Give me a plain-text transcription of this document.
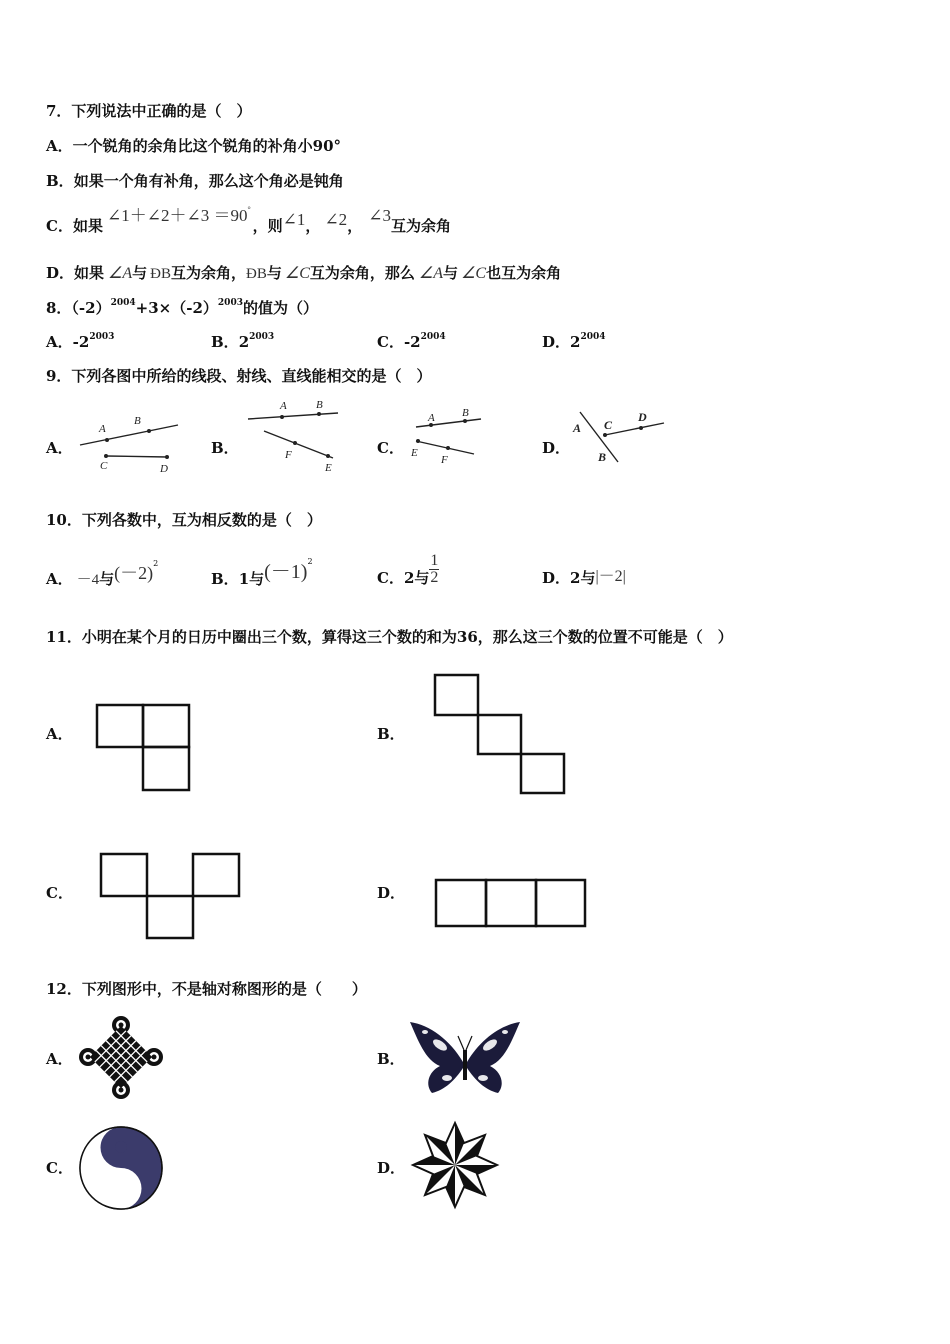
7．下列说法中正确的是（　）
A．一个锐角的余角比这个锐角的补角小90°
B．如果一个角有补角，那么这个角必是钝角
C．如果∠1＋∠2＋∠3 ＝90°，则∠1， ∠2，∠3互为余角
D．如果 ∠A与 ÐB互为余角，ÐB与 ∠C互为余角，那么 ∠A与 ∠C也互为余角
8．$(-2)^{2004}+3\times(-2)^{2003}$的值为（）
A．$-2^{2003}$	B．$2^{2003}$	C．$-2^{2004}$	D．$2^{2004}$
9．下列各图中所给的线段、射线、直线能相交的是（　）
A．	B．	C．	D．
A
B
C	D
A	B
F
E
A B
E
F
A C
D
B
10．下列各数中，互为相反数的是（　）
A． －4与$(-2)^2$
B．1与$(-1)^2$
C．2与 $\frac{1}{2}$	D．2与|－2|
11．小明在某个月的日历中圈出三个数，算得这三个数的和为36，那么这三个数的位置不可能是（　）
A．	B．
C．	D．
12．下列图形中，不是轴对称图形的是（　　）
A．	B．
C．	D．
